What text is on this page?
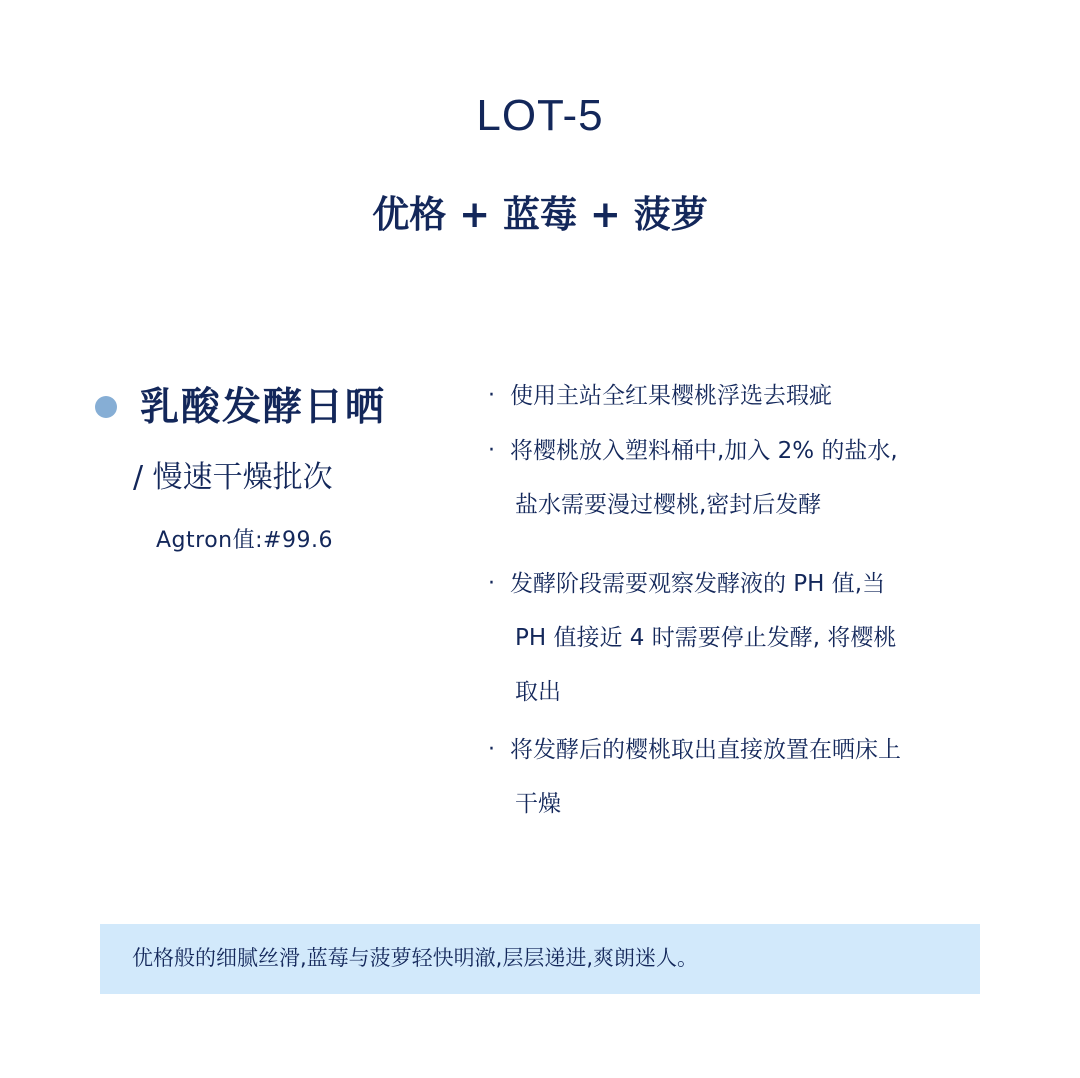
LOT-5
优格 + 蓝莓 + 菠萝
乳酸发酵日晒
/ 慢速干燥批次
Agtron值:#99.6
· 使用主站全红果樱桃浮选去瑕疵
· 将樱桃放入塑料桶中,加入 2% 的盐水,
盐水需要漫过樱桃,密封后发酵
· 发酵阶段需要观察发酵液的 PH 值,当
PH 值接近 4 时需要停止发酵, 将樱桃
取出
· 将发酵后的樱桃取出直接放置在晒床上
干燥
优格般的细腻丝滑,蓝莓与菠萝轻快明澈,层层递进,爽朗迷人。
